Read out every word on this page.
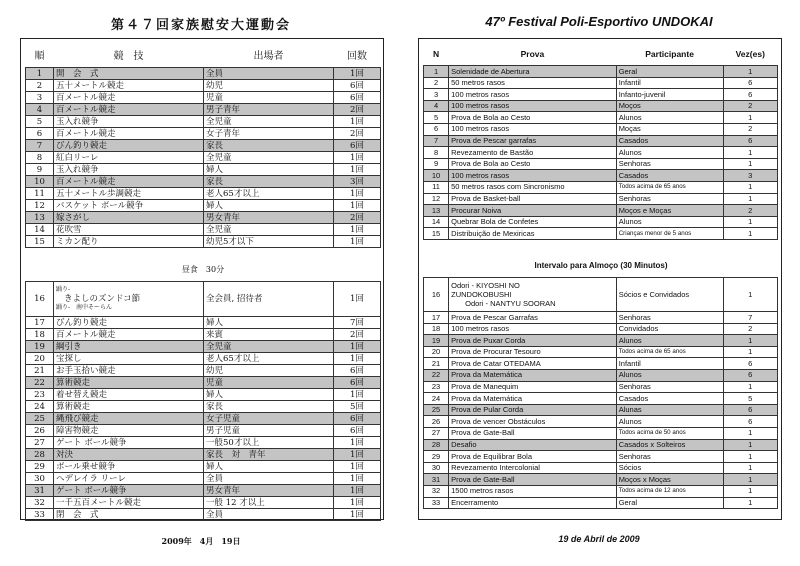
第４７回家族慰安大運動会
順	競　技	出場者	回数
1	開　会　式	全員	1回
2	五十メートル競走	幼児	6回
3	百メートル競走	児童	6回
4	百メートル競走	男子青年	2回
5	玉入れ競争	全児童	1回
6	百メートル競走	女子青年	2回
7	びん釣り競走	家長	6回
8	紅白リーレ	全児童	1回
9	玉入れ競争	婦人	1回
10	百メートル競走	家長	3回
11	五十メートル歩調競走	老人65才以上	1回
12	バスケット ボール競争	婦人	1回
13	嫁さがし	男女青年	2回
14	花吹雪	全児童	1回
15	ミカン配り	幼児5才以下	1回
昼食　30分
16	踊り-
きよしのズンドコ節
踊り-　南中そーらん	全会員, 招待者	1回
17	びん釣り競走	婦人	7回
18	百メートル競走	来賓	2回
19	綱引き	全児童	1回
20	宝探し	老人65才以上	1回
21	お手玉拾い競走	幼児	6回
22	算術競走	児童	6回
23	着せ替え競走	婦人	1回
24	算術競走	家長	5回
25	縄飛び競走	女子児童	6回
26	障害物競走	男子児童	6回
27	ゲート ボール競争	一般50才以上	1回
28	対決	家長　対　青年	1回
29	ボール乗せ競争	婦人	1回
30	ヘデレイラ リーレ	全員	1回
31	ゲート ボール競争	男女青年	1回
32	一千五百メートル競走	一般 12 才以上	1回
33	閉　会　式	全員	1回
2009年　4月　19日
47º Festival Poli-Esportivo UNDOKAI
N	Prova	Participante	Vez(es)
1	Solenidade de Abertura	Geral	1
2	50 metros rasos	Infantil	6
3	100 metros rasos	Infanto-juvenil	6
4	100 metros rasos	Moços	2
5	Prova de Bola ao Cesto	Alunos	1
6	100 metros rasos	Moças	2
7	Prova de Pescar garrafas	Casados	6
8	Revezamento de Bastão	Alunos	1
9	Prova de Bola ao Cesto	Senhoras	1
10	100 metros rasos	Casados	3
11	50 metros rasos com Sincronismo	Todos acima de 65 anos	1
12	Prova de Basket-ball	Senhoras	1
13	Procurar Noiva	Moços e Moças	2
14	Quebrar Bola de Confetes	Alunos	1
15	Distribuição de Mexiricas	Crianças menor de 5 anos	1
Intervalo para Almoço (30 Minutos)
16	Odori - KIYOSHI NO
ZUNDOKOBUSHI
Odori - NANTYU SOORAN	Sócios e Convidados	1
17	Prova de Pescar Garrafas	Senhoras	7
18	100 metros rasos	Convidados	2
19	Prova de Puxar Corda	Alunos	1
20	Prova de Procurar Tesouro	Todos acima de 65 anos	1
21	Prova de Catar OTEDAMA	Infantil	6
22	Prova da Matemática	Alunos	6
23	Prova de Manequim	Senhoras	1
24	Prova da Matemática	Casados	5
25	Prova de Pular Corda	Alunas	6
26	Prova de vencer Obstáculos	Alunos	6
27	Prova de Gate-Ball	Todos acima de 50 anos	1
28	Desafio	Casados x Solteiros	1
29	Prova de Equilibrar Bola	Senhoras	1
30	Revezamento Intercolonial	Sócios	1
31	Prova de Gate-Ball	Moços x Moças	1
32	1500 metros rasos	Todos acima de 12 anos	1
33	Encerramento	Geral	1
19 de Abril de 2009
